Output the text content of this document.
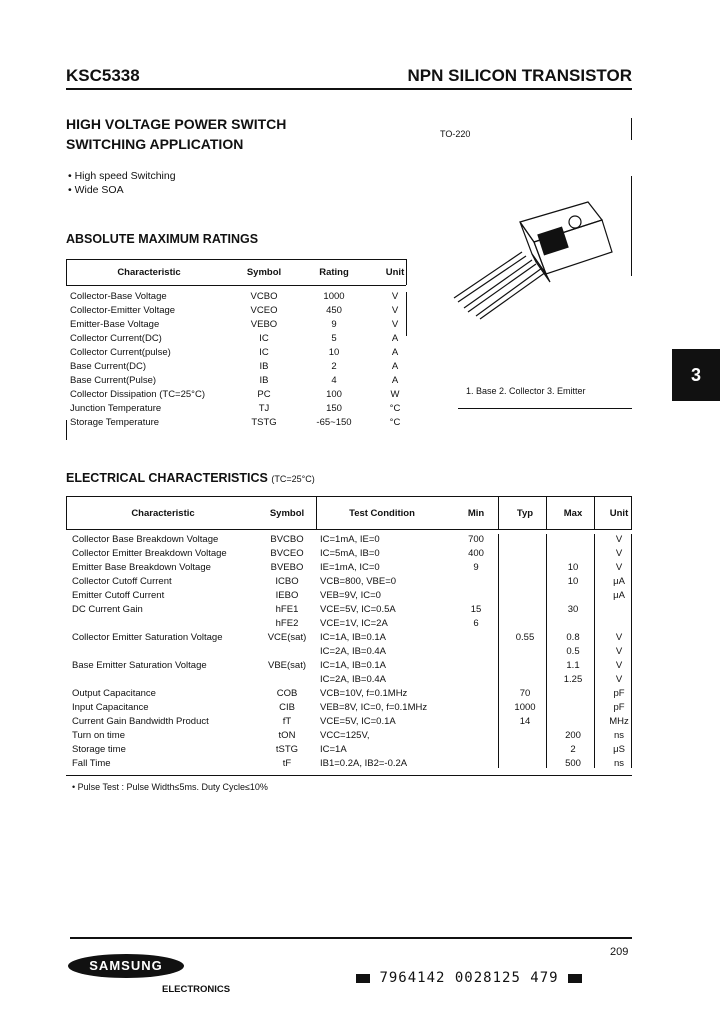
KSC5338	NPN SILICON TRANSISTOR
HIGH VOLTAGE POWER SWITCH
SWITCHING APPLICATION
• High speed Switching
• Wide SOA
TO-220
1. Base 2. Collector 3. Emitter
3
ABSOLUTE MAXIMUM RATINGS
Characteristic	Symbol	Rating	Unit

Collector-Base Voltage	VCBO	1000	V
Collector-Emitter Voltage	VCEO	450	V
Emitter-Base Voltage	VEBO	9	V
Collector Current(DC)	IC	5	A
Collector Current(pulse)	IC	10	A
Base Current(DC)	IB	2	A
Base Current(Pulse)	IB	4	A
Collector Dissipation (TC=25°C)	PC	100	W
Junction Temperature	TJ	150	°C
Storage Temperature	TSTG	-65~150	°C
ELECTRICAL CHARACTERISTICS (TC=25°C)
Characteristic	Symbol	Test Condition	Min	Typ	Max	Unit

Collector Base Breakdown Voltage	BVCBO	IC=1mA, IE=0	700			V
Collector Emitter Breakdown Voltage	BVCEO	IC=5mA, IB=0	400			V
Emitter Base Breakdown Voltage	BVEBO	IE=1mA, IC=0	9		10	V
Collector Cutoff Current	ICBO	VCB=800, VBE=0			10	μA
Emitter Cutoff Current	IEBO	VEB=9V, IC=0				μA
DC Current Gain	hFE1	VCE=5V, IC=0.5A	15		30	
	hFE2	VCE=1V, IC=2A	6			
Collector Emitter Saturation Voltage	VCE(sat)	IC=1A, IB=0.1A		0.55	0.8	V
		IC=2A, IB=0.4A			0.5	V
Base Emitter Saturation Voltage	VBE(sat)	IC=1A, IB=0.1A			1.1	V
		IC=2A, IB=0.4A			1.25	V
Output Capacitance	COB	VCB=10V, f=0.1MHz		70		pF
Input Capacitance	CIB	VEB=8V, IC=0, f=0.1MHz		1000		pF
Current Gain Bandwidth Product	fT	VCE=5V, IC=0.1A		14		MHz
Turn on time	tON	VCC=125V,			200	ns
Storage time	tSTG	IC=1A			2	μS
Fall Time	tF	IB1=0.2A, IB2=-0.2A			500	ns
• Pulse Test : Pulse Width≤5ms. Duty Cycle≤10%
209
SAMSUNG
ELECTRONICS
7964142 0028125 479
